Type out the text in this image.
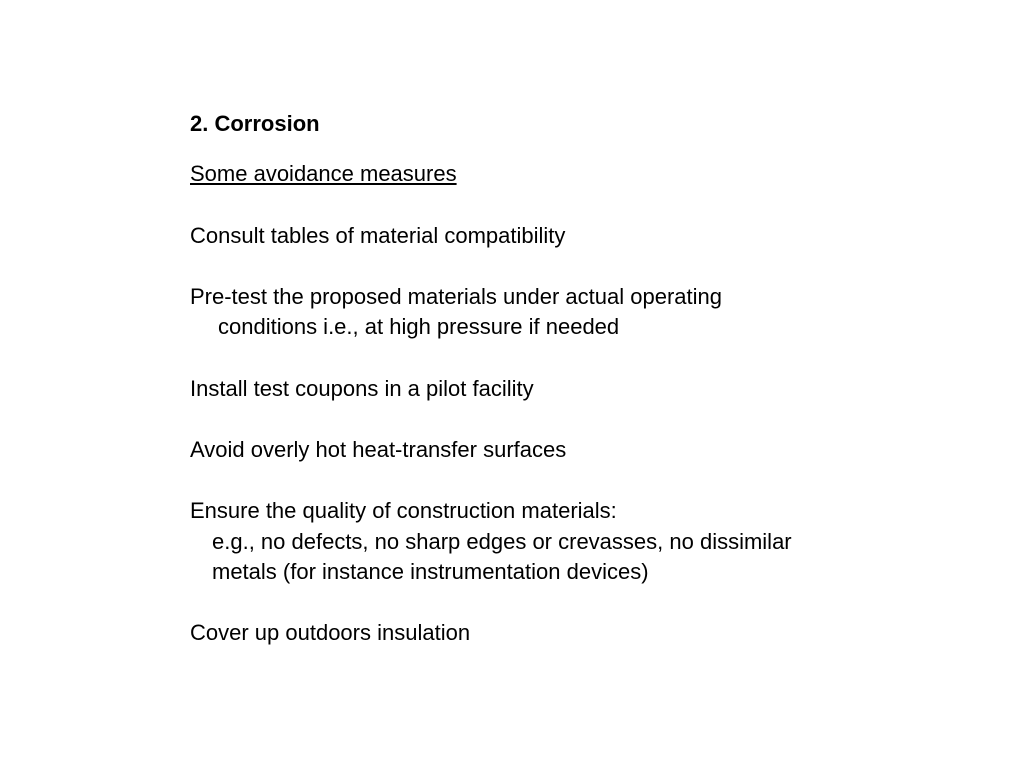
2. Corrosion
Some avoidance measures
Consult tables of material compatibility
Pre-test the proposed materials under actual operating
conditions i.e., at high pressure if needed
Install test coupons in a pilot facility
Avoid overly hot heat-transfer surfaces
Ensure the quality of construction materials:
e.g., no defects, no sharp edges or crevasses, no dissimilar
metals (for instance instrumentation devices)
Cover up outdoors insulation
